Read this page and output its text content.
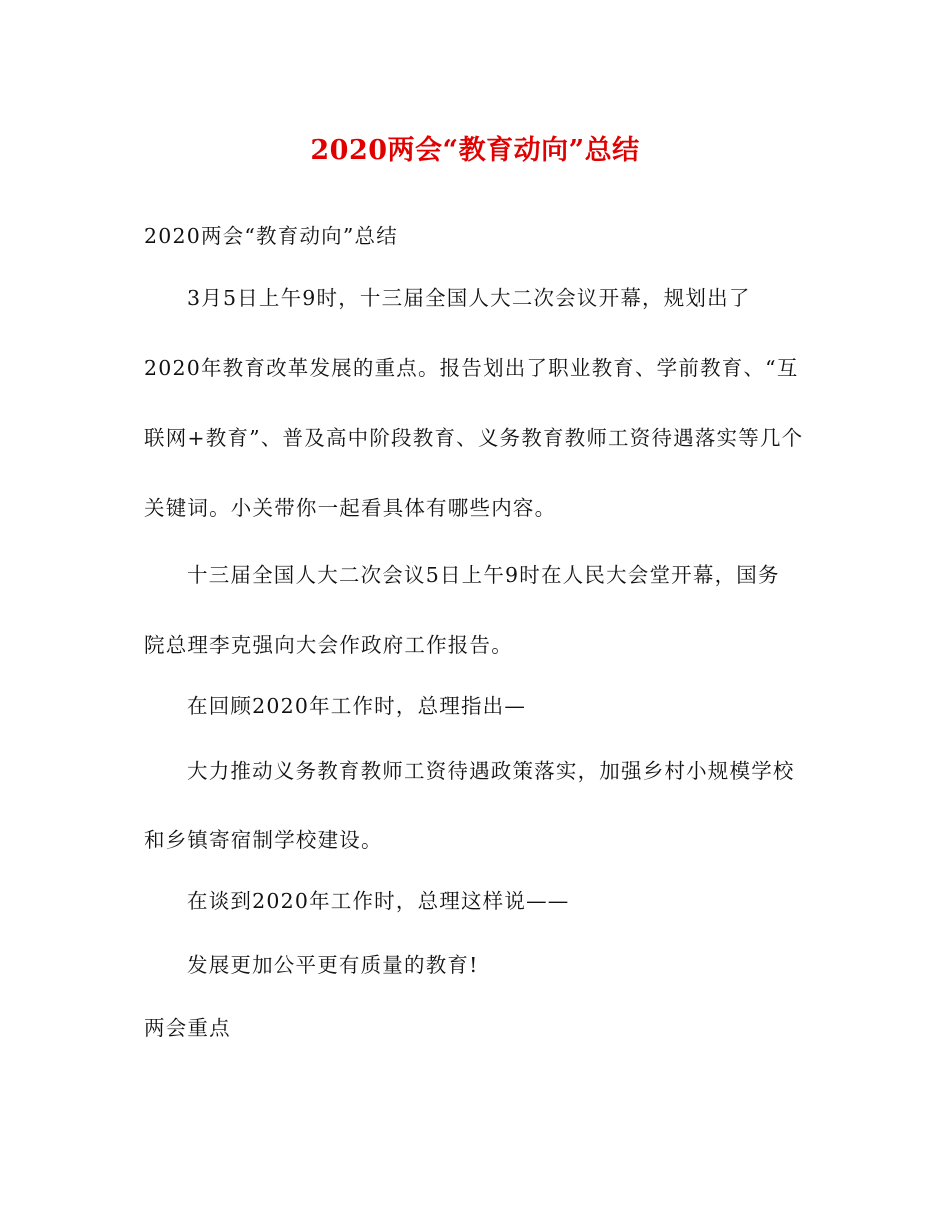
2020两会“教育动向”总结
2020两会“教育动向”总结
3月5日上午9时，十三届全国人大二次会议开幕，规划出了
2020年教育改革发展的重点。报告划出了职业教育、学前教育、“互
联网+教育”、普及高中阶段教育、义务教育教师工资待遇落实等几个
关键词。小关带你一起看具体有哪些内容。
十三届全国人大二次会议5日上午9时在人民大会堂开幕，国务
院总理李克强向大会作政府工作报告。
在回顾2020年工作时，总理指出—
大力推动义务教育教师工资待遇政策落实，加强乡村小规模学校
和乡镇寄宿制学校建设。
在谈到2020年工作时，总理这样说——
发展更加公平更有质量的教育!
两会重点
